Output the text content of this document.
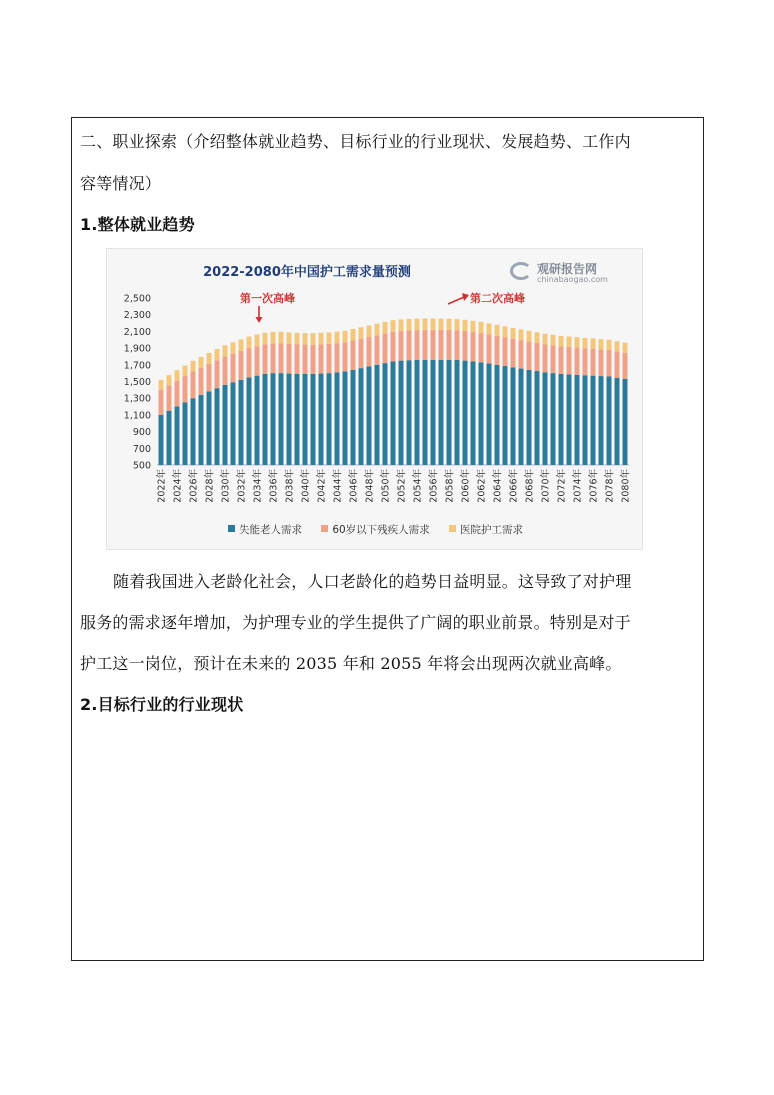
二、职业探索（介绍整体就业趋势、目标行业的行业现状、发展趋势、工作内
容等情况）
1.整体就业趋势
2022-2080年中国护工需求量预测	观研报告网
chinabaogao.com
第一次高峰	第二次高峰
500
700
900
1,100
1,300
1,500
1,700
1,900
2,100
2,300
2,500
2022年 2024年 2026年 2028年 2030年 2032年 2034年 2036年 2038年 2040年 2042年 2044年 2046年 2048年 2050年 2052年 2054年 2056年 2058年 2060年 2062年 2064年 2066年 2068年 2070年 2072年 2074年 2076年 2078年 2080年
失能老人需求	60岁以下残疾人需求	医院护工需求
随着我国进入老龄化社会，人口老龄化的趋势日益明显。这导致了对护理
服务的需求逐年增加，为护理专业的学生提供了广阔的职业前景。特别是对于
护工这一岗位，预计在未来的 2035 年和 2055 年将会出现两次就业高峰。
2.目标行业的行业现状
